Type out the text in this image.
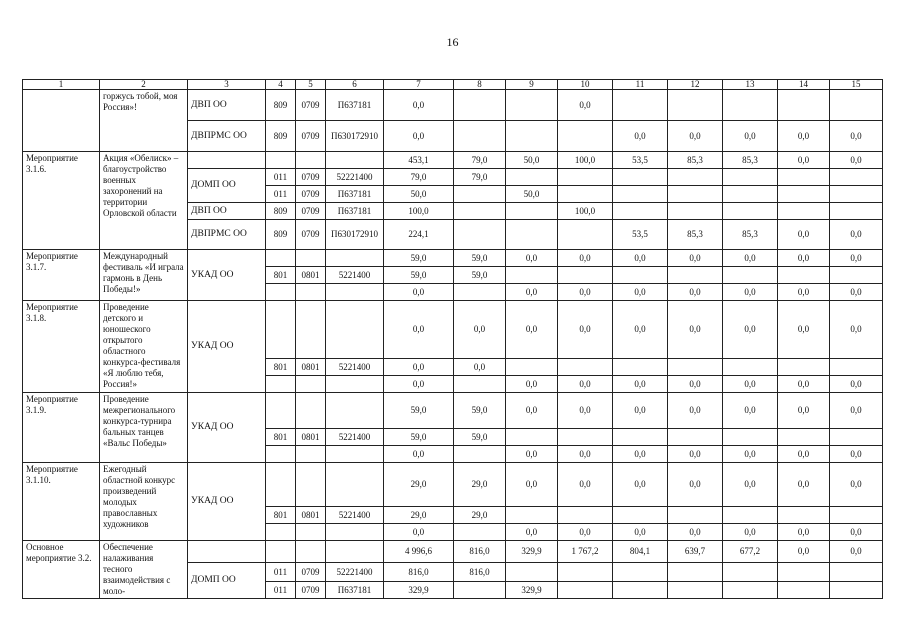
16
1	2	3	4	5	6	7	8	9	10	11	12	13	14	15
	горжусь тобой, моя Россия»!	ДВП ОО	809	0709	П637181	0,0			0,0					
		ДВПРМС ОО	809	0709	П630172910	0,0				0,0	0,0	0,0	0,0	0,0
Мероприятие 3.1.6.	Акция «Обелиск» – благоустройство военных захоронений на территории Орловской области					453,1	79,0	50,0	100,0	53,5	85,3	85,3	0,0	0,0
		ДОМП ОО	011	0709	52221400	79,0	79,0							
			011	0709	П637181	50,0		50,0						
		ДВП ОО	809	0709	П637181	100,0			100,0					
		ДВПРМС ОО	809	0709	П630172910	224,1				53,5	85,3	85,3	0,0	0,0
Мероприятие 3.1.7.	Международный фестиваль «И играла гармонь в День Победы!»	УКАД ОО				59,0	59,0	0,0	0,0	0,0	0,0	0,0	0,0	0,0
			801	0801	5221400	59,0	59,0							
						0,0		0,0	0,0	0,0	0,0	0,0	0,0	0,0
Мероприятие 3.1.8.	Проведение детского и юношеского открытого областного конкурса-фестиваля «Я люблю тебя, Россия!»	УКАД ОО				0,0	0,0	0,0	0,0	0,0	0,0	0,0	0,0	0,0
			801	0801	5221400	0,0	0,0							
						0,0		0,0	0,0	0,0	0,0	0,0	0,0	0,0
Мероприятие 3.1.9.	Проведение межрегионального конкурса-турнира бальных танцев «Вальс Победы»	УКАД ОО				59,0	59,0	0,0	0,0	0,0	0,0	0,0	0,0	0,0
			801	0801	5221400	59,0	59,0							
						0,0		0,0	0,0	0,0	0,0	0,0	0,0	0,0
Мероприятие 3.1.10.	Ежегодный областной конкурс произведений молодых православных художников	УКАД ОО				29,0	29,0	0,0	0,0	0,0	0,0	0,0	0,0	0,0
			801	0801	5221400	29,0	29,0							
						0,0		0,0	0,0	0,0	0,0	0,0	0,0	0,0
Основное мероприятие 3.2.	Обеспечение налаживания тесного взаимодействия с моло-					4 996,6	816,0	329,9	1 767,2	804,1	639,7	677,2	0,0	0,0
		ДОМП ОО	011	0709	52221400	816,0	816,0							
			011	0709	П637181	329,9		329,9						
